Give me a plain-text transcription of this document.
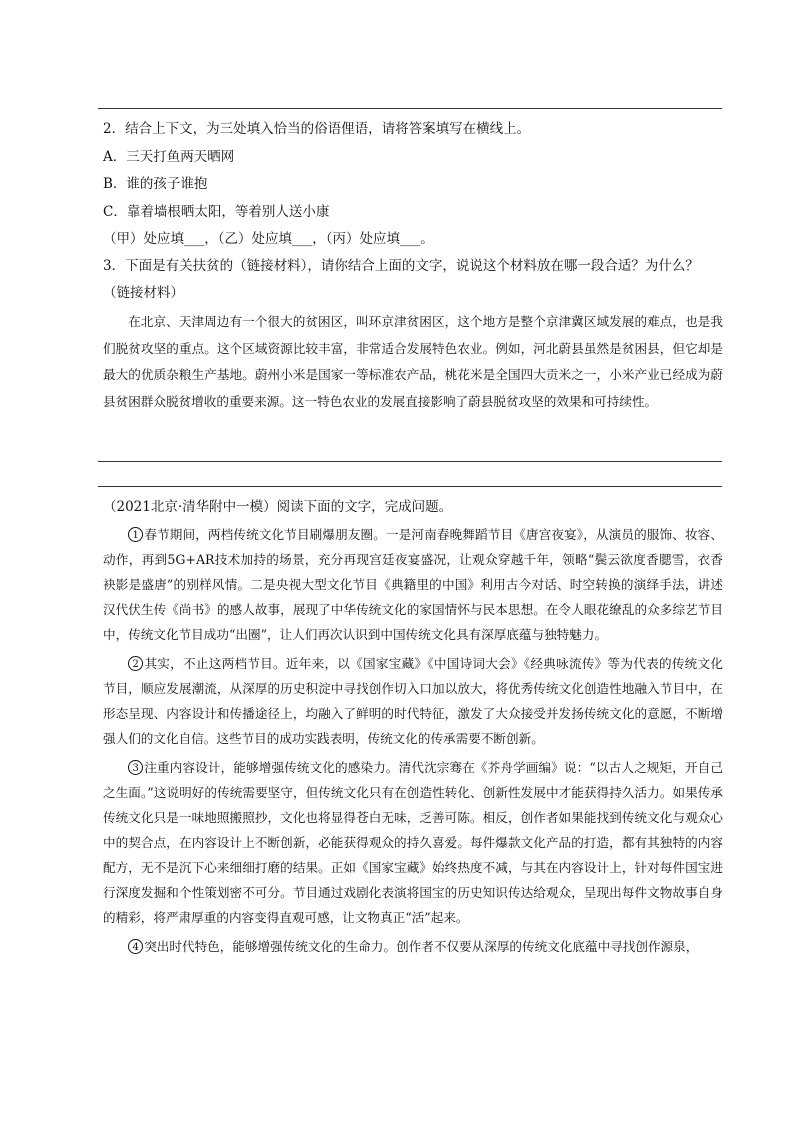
2．结合上下文，为三处填入恰当的俗语俚语，请将答案填写在横线上。
A．三天打鱼两天晒网
B．谁的孩子谁抱
C．靠着墙根晒太阳，等着别人送小康
（甲）处应填___，（乙）处应填___，（丙）处应填___。
3．下面是有关扶贫的（链接材料），请你结合上面的文字，说说这个材料放在哪一段合适？为什么？
（链接材料）
在北京、天津周边有一个很大的贫困区，叫环京津贫困区，这个地方是整个京津冀区域发展的难点，也是我们脱贫攻坚的重点。这个区域资源比较丰富，非常适合发展特色农业。例如，河北蔚县虽然是贫困县，但它却是最大的优质杂粮生产基地。蔚州小米是国家一等标准农产品，桃花米是全国四大贡米之一，小米产业已经成为蔚县贫困群众脱贫增收的重要来源。这一特色农业的发展直接影响了蔚县脱贫攻坚的效果和可持续性。
（2021北京·清华附中一模）阅读下面的文字，完成问题。

1 春节期间，两档传统文化节目刷爆朋友圈。一是河南春晚舞蹈节目《唐宫夜宴》，从演员的服饰、妆容、动作，再到5G+AR技术加持的场景，充分再现宫廷夜宴盛况，让观众穿越千年，领略“鬓云欲度香腮雪，衣香袂影是盛唐”的别样风情。二是央视大型文化节目《典籍里的中国》利用古今对话、时空转换的演绎手法，讲述汉代伏生传《尚书》的感人故事，展现了中华传统文化的家国情怀与民本思想。在令人眼花缭乱的众多综艺节目中，传统文化节目成功“出圈”，让人们再次认识到中国传统文化具有深厚底蕴与独特魅力。

2 其实，不止这两档节目。近年来，以《国家宝藏》《中国诗词大会》《经典咏流传》等为代表的传统文化节目，顺应发展潮流，从深厚的历史积淀中寻找创作切入口加以放大，将优秀传统文化创造性地融入节目中，在形态呈现、内容设计和传播途径上，均融入了鲜明的时代特征，激发了大众接受并发扬传统文化的意愿，不断增强人们的文化自信。这些节目的成功实践表明，传统文化的传承需要不断创新。

3 注重内容设计，能够增强传统文化的感染力。清代沈宗骞在《芥舟学画编》说：“以古人之规矩，开自己之生面。”这说明好的传统需要坚守，但传统文化只有在创造性转化、创新性发展中才能获得持久活力。如果传承传统文化只是一味地照搬照抄，文化也将显得苍白无味，乏善可陈。相反，创作者如果能找到传统文化与观众心中的契合点，在内容设计上不断创新，必能获得观众的持久喜爱。每件爆款文化产品的打造，都有其独特的内容配方，无不是沉下心来细细打磨的结果。正如《国家宝藏》始终热度不减，与其在内容设计上，针对每件国宝进行深度发掘和个性策划密不可分。节目通过戏剧化表演将国宝的历史知识传达给观众，呈现出每件文物故事自身的精彩，将严肃厚重的内容变得直观可感，让文物真正“活”起来。

4 突出时代特色，能够增强传统文化的生命力。创作者不仅要从深厚的传统文化底蕴中寻找创作源泉，
